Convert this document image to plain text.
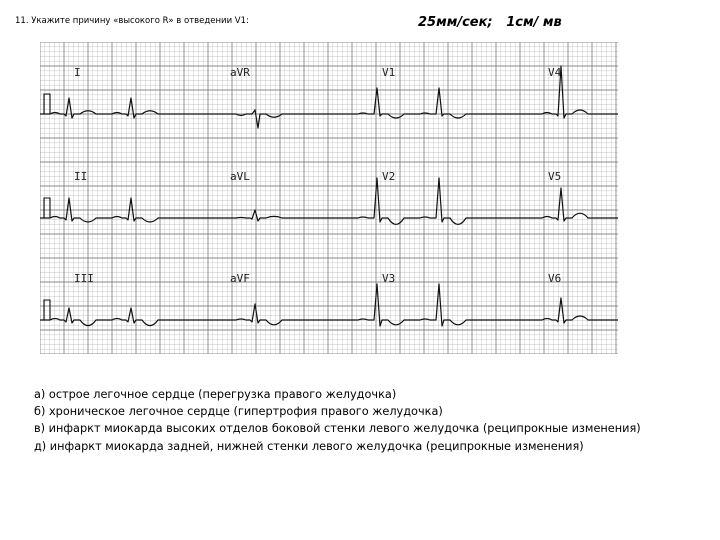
11. Укажите причину «высокого R» в отведении V1:	25мм/сек;   1см/ мв
I	aVR	V1	V4
II	aVL	V2	V5
III	aVF	V3	V6

а) острое легочное сердце (перегрузка правого желудочка)

б) хроническое легочное сердце (гипертрофия правого желудочка)

в) инфаркт миокарда высоких отделов боковой стенки левого желудочка (реципрокные изменения)

д) инфаркт миокарда задней, нижней стенки левого желудочка (реципрокные изменения)
